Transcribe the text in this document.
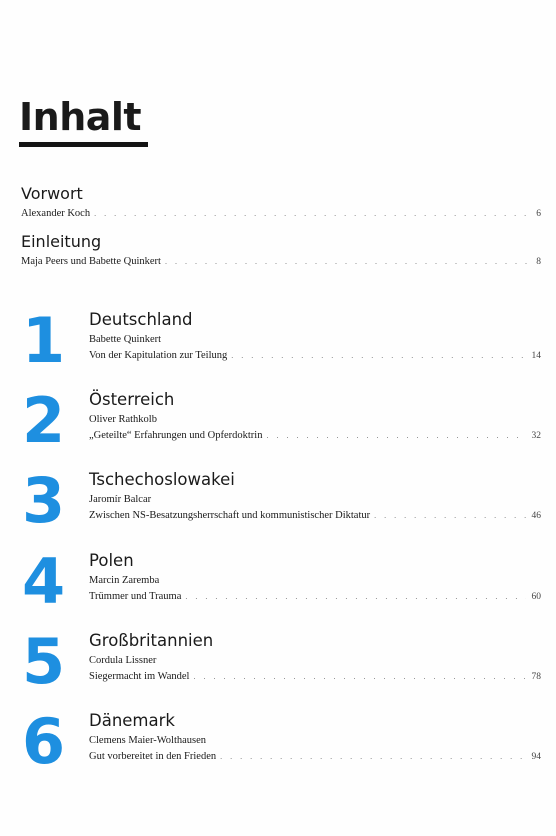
Inhalt
Vorwort
Alexander Koch . . .	6
Einleitung
Maja Peers und Babette Quinkert . . .	8
1	Deutschland
Babette Quinkert
Von der Kapitulation zur Teilung . . .	14
2	Österreich
Oliver Rathkolb
„Geteilte“ Erfahrungen und Opferdoktrin . . .	32
3	Tschechoslowakei
Jaromír Balcar
Zwischen NS-Besatzungsherrschaft und kommunistischer Diktatur . . .	46
4	Polen
Marcin Zaremba
Trümmer und Trauma . . .	60
5	Großbritannien
Cordula Lissner
Siegermacht im Wandel . . .	78
6	Dänemark
Clemens Maier-Wolthausen
Gut vorbereitet in den Frieden . . .	94
